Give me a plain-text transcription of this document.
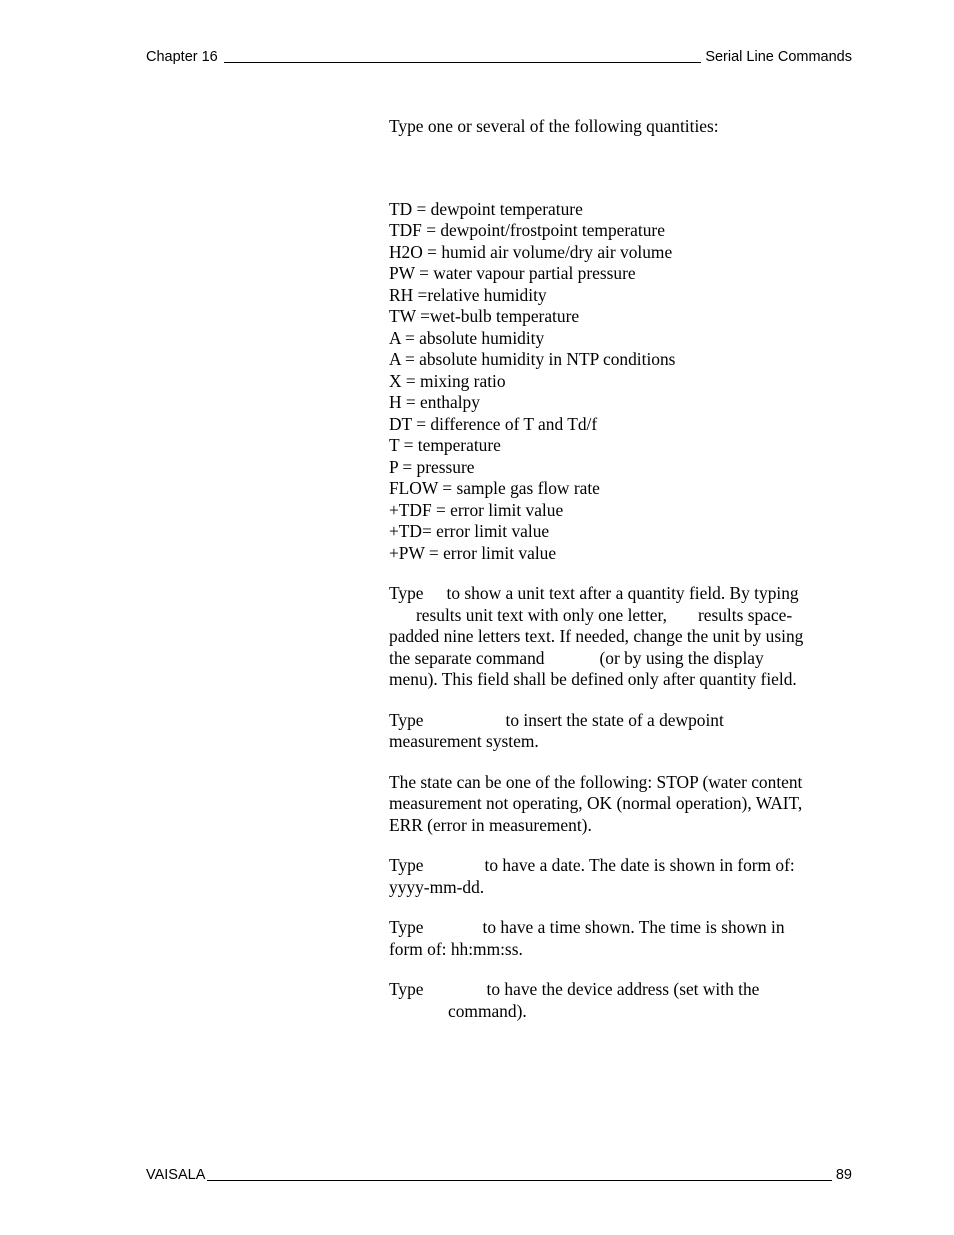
Chapter 16	Serial Line Commands

Type one or several of the following quantities:

TD = dewpoint temperature
TDF = dewpoint/frostpoint temperature
H2O = humid air volume/dry air volume
PW = water vapour partial pressure
RH =relative humidity
TW =wet-bulb temperature
A = absolute humidity
A = absolute humidity in NTP conditions
X = mixing ratio
H = enthalpy
DT = difference of T and Td/f
T = temperature
P = pressure
FLOW = sample gas flow rate
+TDF = error limit value
+TD= error limit value
+PW = error limit value
Type to show a unit text after a quantity field. By typing
results unit text with only one letter, results space-
padded nine letters text. If needed, change the unit by using
the separate command	(or by using the display
menu). This field shall be defined only after quantity field.
Type	to insert the state of a dewpoint
measurement system.
The state can be one of the following: STOP (water content
measurement not operating, OK (normal operation), WAIT,
ERR (error in measurement).
Type	to have a date. The date is shown in form of:
yyyy-mm-dd.
Type	to have a time shown. The time is shown in
form of: hh:mm:ss.
Type	to have the device address (set with the
command).
VAISALA	89
